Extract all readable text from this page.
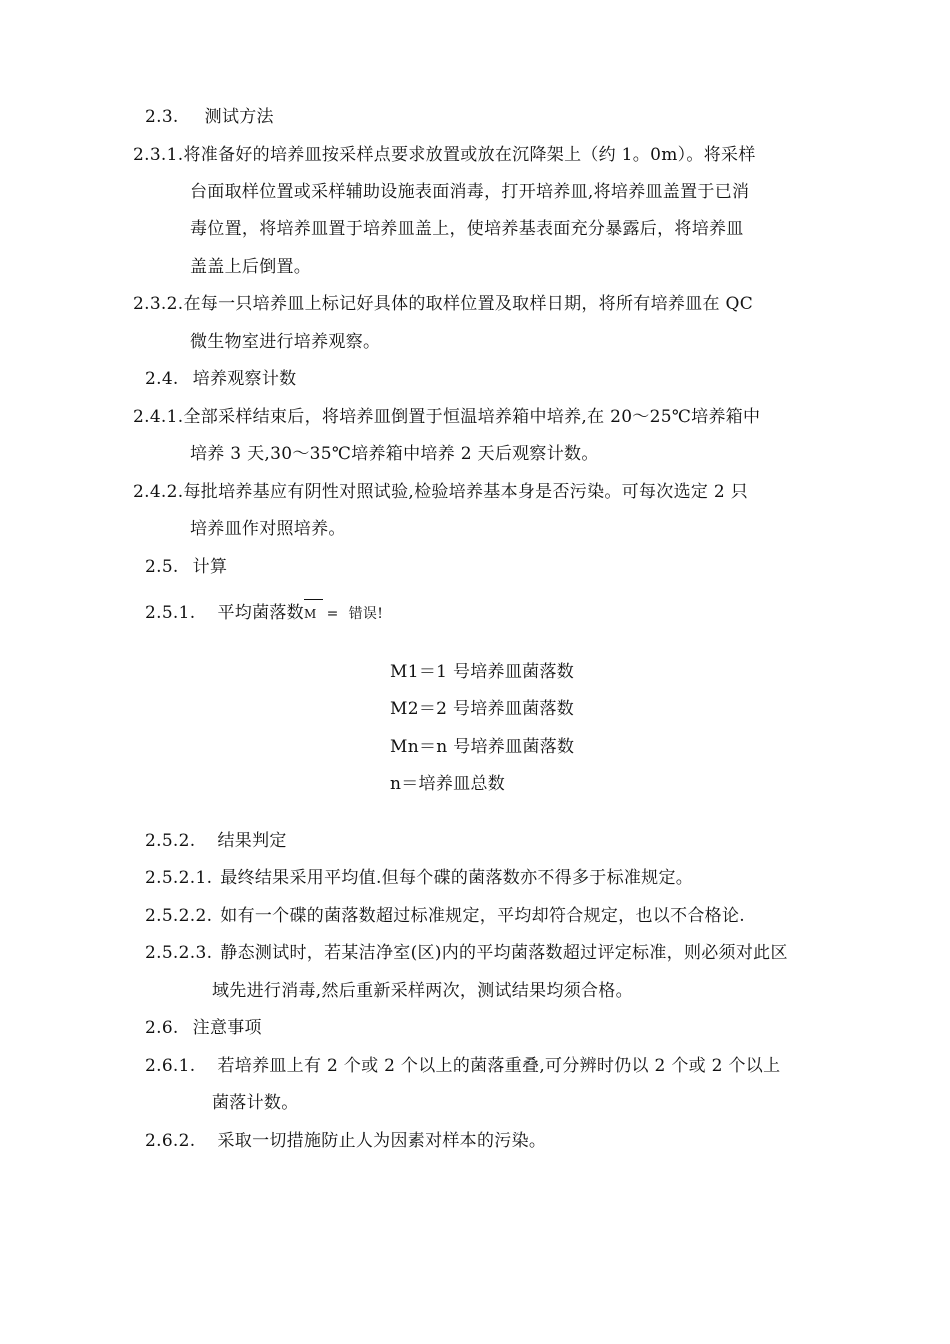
2.3. 测试方法
2.3.1.将准备好的培养皿按采样点要求放置或放在沉降架上（约 1。0m）。将采样
台面取样位置或采样辅助设施表面消毒，打开培养皿,将培养皿盖置于已消
毒位置，将培养皿置于培养皿盖上，使培养基表面充分暴露后，将培养皿
盖盖上后倒置。
2.3.2.在每一只培养皿上标记好具体的取样位置及取样日期，将所有培养皿在 QC
微生物室进行培养观察。
2.4. 培养观察计数
2.4.1.全部采样结束后，将培养皿倒置于恒温培养箱中培养,在 20～25℃培养箱中
培养 3 天,30～35℃培养箱中培养 2 天后观察计数。
2.4.2.每批培养基应有阴性对照试验,检验培养基本身是否污染。可每次选定 2 只
培养皿作对照培养。
2.5. 计算
2.5.1. 平均菌落数M = 错误!
M1＝1 号培养皿菌落数
M2＝2 号培养皿菌落数
Mn＝n 号培养皿菌落数
n＝培养皿总数
2.5.2. 结果判定
2.5.2.1. 最终结果采用平均值.但每个碟的菌落数亦不得多于标准规定。
2.5.2.2. 如有一个碟的菌落数超过标准规定，平均却符合规定，也以不合格论.
2.5.2.3. 静态测试时，若某洁净室(区)内的平均菌落数超过评定标准，则必须对此区
域先进行消毒,然后重新采样两次，测试结果均须合格。
2.6. 注意事项
2.6.1. 若培养皿上有 2 个或 2 个以上的菌落重叠,可分辨时仍以 2 个或 2 个以上
菌落计数。
2.6.2. 采取一切措施防止人为因素对样本的污染。
